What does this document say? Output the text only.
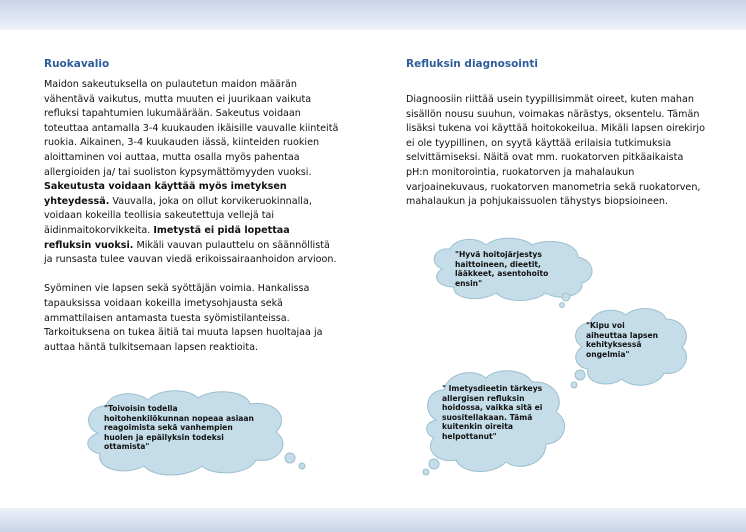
Ruokavalio

Maidon sakeutuksella on pulautetun maidon määrän vähentävä vaikutus, mutta muuten ei juurikaan vaikuta refluksi tapahtumien lukumäärään. Sakeutus voidaan toteuttaa antamalla 3-4 kuukauden ikäisille vauvalle kiinteitä ruokia. Aikainen, 3-4 kuukauden iässä, kiinteiden ruokien aloittaminen voi auttaa, mutta osalla myös pahentaa allergioiden ja/ tai suoliston kypsymättömyyden vuoksi. Sakeutusta voidaan käyttää myös imetyksen yhteydessä. Vauvalla, joka on ollut korvikeruokinnalla, voidaan kokeilla teollisia sakeutettuja vellejä tai äidinmaitokorvikkeita. Imetystä ei pidä lopettaa refluksin vuoksi. Mikäli vauvan pulauttelu on säännöllistä ja runsasta tulee vauvan viedä erikoissairaanhoidon arvioon.

Syöminen vie lapsen sekä syöttäjän voimia. Hankalissa tapauksissa voidaan kokeilla imetysohjausta sekä ammattilaisen antamasta tuesta syömistilanteissa. Tarkoituksena on tukea äitiä tai muuta lapsen huoltajaa ja auttaa häntä tulkitsemaan lapsen reaktioita.

Refluksin diagnosointi

Diagnoosiin riittää usein tyypillisimmät oireet, kuten mahan sisällön nousu suuhun, voimakas närästys, oksentelu. Tämän lisäksi tukena voi käyttää hoitokokeilua. Mikäli lapsen oirekirjo ei ole tyypillinen, on syytä käyttää erilaisia tutkimuksia selvittämiseksi. Näitä ovat mm. ruokatorven pitkäaikaista pH:n monitorointia, ruokatorven ja mahalaukun varjoainekuvaus, ruokatorven manometria sekä ruokatorven, mahalaukun ja pohjukaissuolen tähystys biopsioineen.

"Toivoisin todella hoitohenkilökunnan nopeaa asiaan reagoimista sekä vanhempien huolen ja epäilyksin todeksi ottamista"
"Hyvä hoitojärjestys haittoineen, dieetit, lääkkeet, asentohoito ensin"
"Kipu voi aiheuttaa lapsen kehityksessä ongelmia"
" Imetysdieetin tärkeys allergisen refluksin hoidossa, vaikka sitä ei suositellakaan. Tämä kuitenkin oireita helpottanut"
